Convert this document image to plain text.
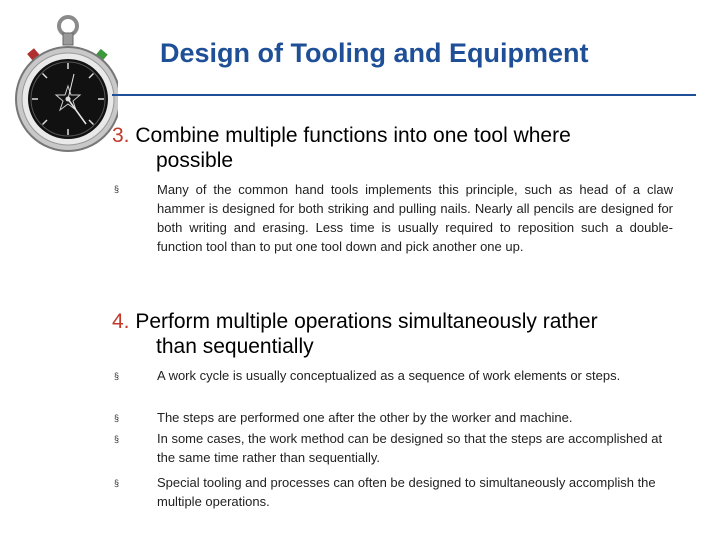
Design of Tooling and Equipment
3. Combine multiple functions into one tool where
possible
§	Many of the common hand tools implements this principle, such as head of a claw hammer is designed for both striking and pulling nails. Nearly all pencils are designed for both writing and erasing. Less time is usually required to reposition such a double-function tool than to put one tool down and pick another one up.
4. Perform multiple operations simultaneously rather
than sequentially
§	A work cycle is usually conceptualized as a sequence of work elements or steps.
§	The steps are performed one after the other by the worker and machine.
§	In some cases, the work method can be designed so that the steps are accomplished at the same time rather than sequentially.
§	Special tooling and processes can often be designed to simultaneously accomplish the multiple operations.
